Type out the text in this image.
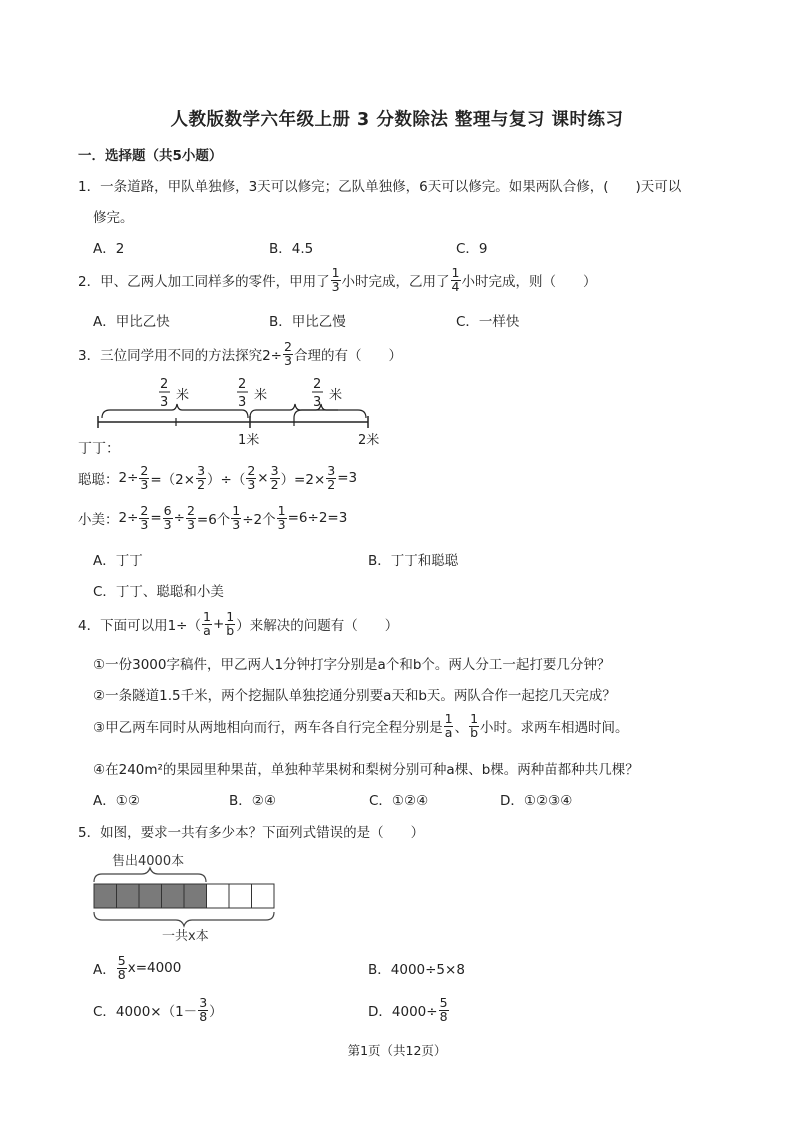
人教版数学六年级上册 3 分数除法 整理与复习 课时练习
一．选择题（共5小题）
1．一条道路，甲队单独修，3天可以修完；乙队单独修，6天可以修完。如果两队合修，(　　)天可以
修完。
A．2	B．4.5	C．9
2．甲、乙两人加工同样多的零件，甲用了 $\frac{1}{3}$ 小时完成，乙用了 $\frac{1}{4}$ 小时完成，则（　　）
A．甲比乙快	B．甲比乙慢	C．一样快
3．三位同学用不同的方法探究$2\div \frac{2}{3}$ 合理的有（　　）
2
3 米
2
3 米
2
3 米
1米	2米
丁丁：
聪聪： $2\div \frac{2}{3} =(2\times \frac{3}{2}$ ）÷（ $\frac{2}{3} \times \frac{3}{2} )=2\times \frac{3}{2} =3$
小美： $2\div \frac{2}{3} = \frac{6}{3} \div \frac{2}{3} =6$个 $\frac{1}{3} \div 2$个 $\frac{1}{3} =6\div 2=3$
A．丁丁	B．丁丁和聪聪
C．丁丁、聪聪和小美
4．下面可以用$1\div( \frac{1}{a} + \frac{1}{b}$ ）来解决的问题有（　　）
①一份3000字稿件，甲乙两人1分钟打字分别是a个和b个。两人分工一起打要几分钟？
②一条隧道1.5千米，两个挖掘队单独挖通分别要a天和b天。两队合作一起挖几天完成？
③甲乙两车同时从两地相向而行，两车各自行完全程分别是 $\frac{1}{a}$ 、 $\frac{1}{b}$ 小时。求两车相遇时间。
④在240m²的果园里种果苗，单独种苹果树和梨树分别可种a棵、b棵。两种苗都种共几棵？
A．①②	B．②④	C．①②④	D．①②③④
5．如图，要求一共有多少本？下面列式错误的是（　　）
售出4000本
一共x本
A． $\frac{5}{8} x=4000$	B．4000÷5×8
C．$4000\times(1- \frac{3}{8}$ ）	D．$4000\div \frac{5}{8}$
第1页（共12页）
